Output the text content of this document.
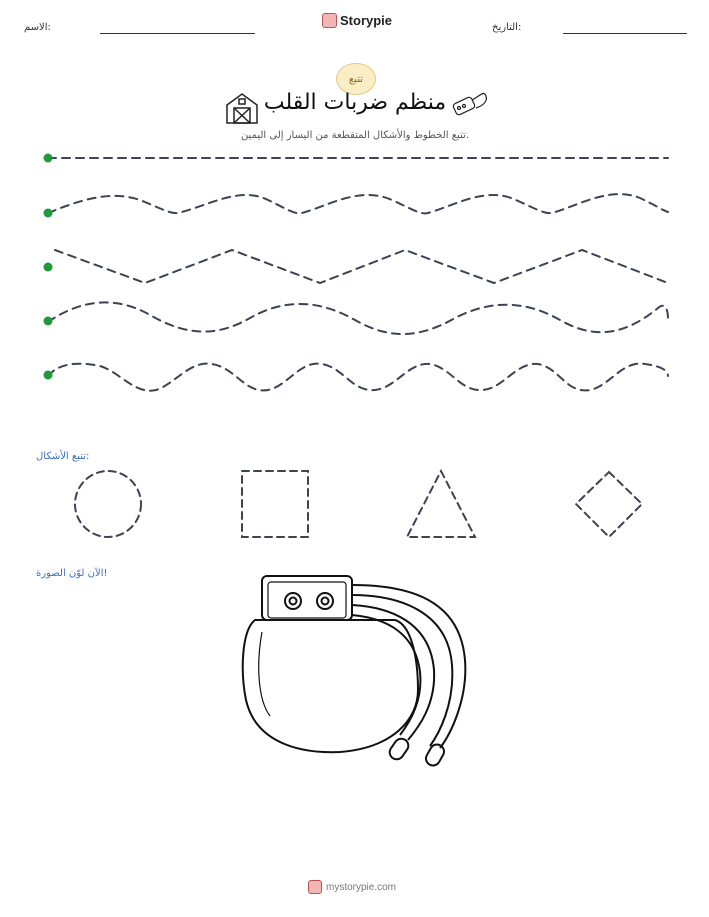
الاسم:	Storypie	التاريخ:
تتبع
منظم ضربات القلب
تتبع الخطوط والأشكال المتقطعة من اليسار إلى اليمين.
تتبع الأشكال:
الآن لوّن الصورة!
mystorypie.com
